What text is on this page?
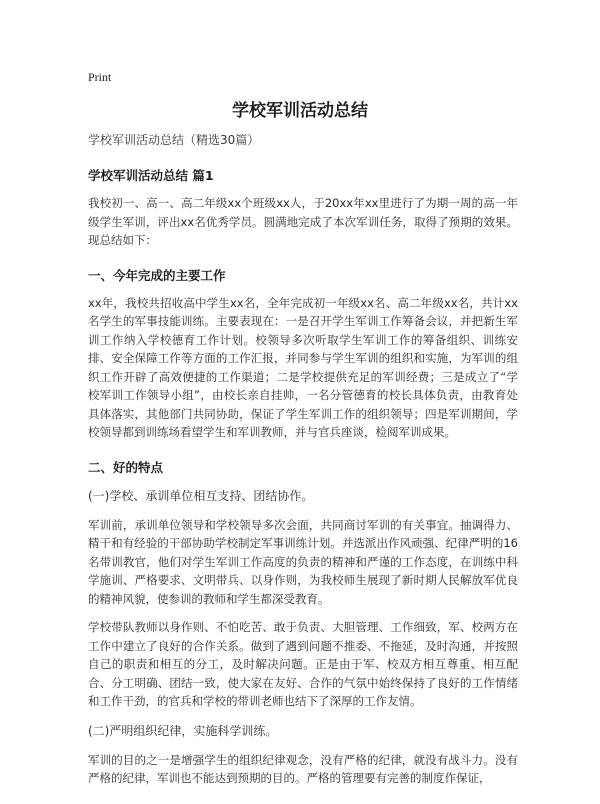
Print
学校军训活动总结

学校军训活动总结（精选30篇）

学校军训活动总结 篇1

我校初一、高一、高二年级xx个班级xx人，于20xx年xx里进行了为期一周的高一年级学生军训，评出xx名优秀学员。圆满地完成了本次军训任务，取得了预期的效果。现总结如下：

一、今年完成的主要工作

xx年，我校共招收高中学生xx名，全年完成初一年级xx名、高二年级xx名，共计xx名学生的军事技能训练。主要表现在：一是召开学生军训工作筹备会议，并把新生军训工作纳入学校德育工作计划。校领导多次听取学生军训工作的筹备组织、训练安排、安全保障工作等方面的工作汇报，并同参与学生军训的组织和实施，为军训的组织工作开辟了高效便捷的工作渠道；二是学校提供充足的军训经费；三是成立了“学校军训工作领导小组”，由校长亲自挂帅，一名分管德育的校长具体负责，由教育处具体落实，其他部门共同协助，保证了学生军训工作的组织领导；四是军训期间，学校领导都到训练场看望学生和军训教师，并与官兵座谈，检阅军训成果。

二、好的特点

(一)学校、承训单位相互支持、团结协作。

军训前，承训单位领导和学校领导多次会面，共同商讨军训的有关事宜。抽调得力、精干和有经验的干部协助学校制定军事训练计划。并选派出作风顽强、纪律严明的16名带训教官，他们对学生军训工作高度的负责的精神和严谨的工作态度，在训练中科学施训、严格要求、文明带兵、以身作则，为我校师生展现了新时期人民解放军优良的精神风貌，使参训的教师和学生都深受教育。

学校带队教师以身作则、不怕吃苦、敢于负责、大胆管理、工作细致，军、校两方在工作中建立了良好的合作关系。做到了遇到问题不推委、不拖延，及时沟通，并按照自己的职责和相互的分工，及时解决问题。正是由于军、校双方相互尊重、相互配合、分工明确、团结一致，使大家在友好、合作的气氛中始终保持了良好的工作情绪和工作干劲，的官兵和学校的带训老师也结下了深厚的工作友情。

(二)严明组织纪律，实施科学训练。

军训的目的之一是增强学生的组织纪律观念，没有严格的纪律，就没有战斗力。没有严格的纪律，军训也不能达到预期的目的。严格的管理要有完善的制度作保证，
